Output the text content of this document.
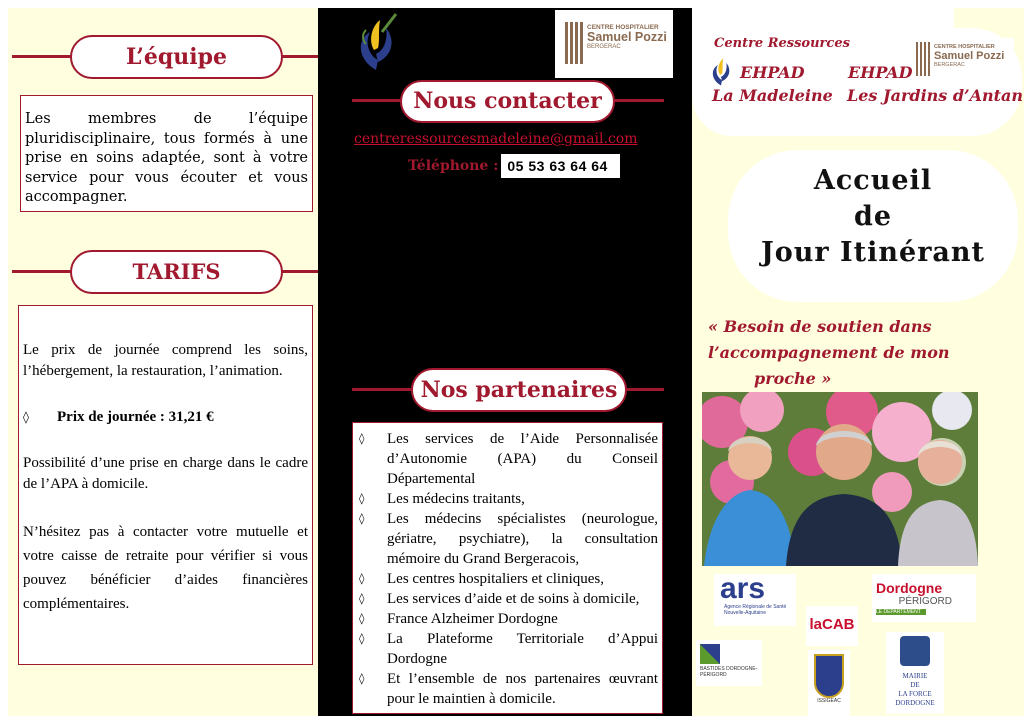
L’équipe
Les membres de l’équipe pluridisciplinaire, tous formés à une prise en soins adaptée, sont à votre service pour vous écouter et vous accompagner.
TARIFS

Le prix de journée comprend les soins, l’hébergement, la restauration, l’animation.

◊	Prix de journée : 31,21 €

Possibilité d’une prise en charge dans le cadre de l’APA à domicile.

N’hésitez pas à contacter votre mutuelle et votre caisse de retraite pour vérifier si vous pouvez bénéficier d’aides financières complémentaires.

CENTRE HOSPITALIER
Samuel Pozzi
BERGERAC
Nous contacter
centreressourcesmadeleine@gmail.com
Téléphone : 05 53 63 64 64
Nos partenaires
◊	Les services de l’Aide Personnalisée d’Autonomie (APA) du Conseil Départemental
◊	Les médecins traitants,
◊	Les médecins spécialistes (neurologue, gériatre, psychiatre), la consultation mémoire du Grand Bergeracois,
◊	Les centres hospitaliers et cliniques,
◊	Les services d’aide et de soins à domicile,
◊	France Alzheimer Dordogne
◊	La Plateforme Territoriale d’Appui Dordogne
◊	Et l’ensemble de nos partenaires œuvrant pour le maintien à domicile.
Centre Ressources
EHPAD
La Madeleine
EHPAD
Les Jardins d’Antan
CENTRE HOSPITALIER
Samuel Pozzi
BERGERAC
Accueil
de
Jour Itinérant
« Besoin de soutien dans
l’accompagnement de mon
proche »
ars
Agence Régionale de Santé Nouvelle-Aquitaine
Dordogne
PÉRIGORD
LE DÉPARTEMENT
laCAB
BASTIDES DORDOGNE-PÉRIGORD
ISSIGEAC
MAIRIE
DE
LA FORCE
DORDOGNE
